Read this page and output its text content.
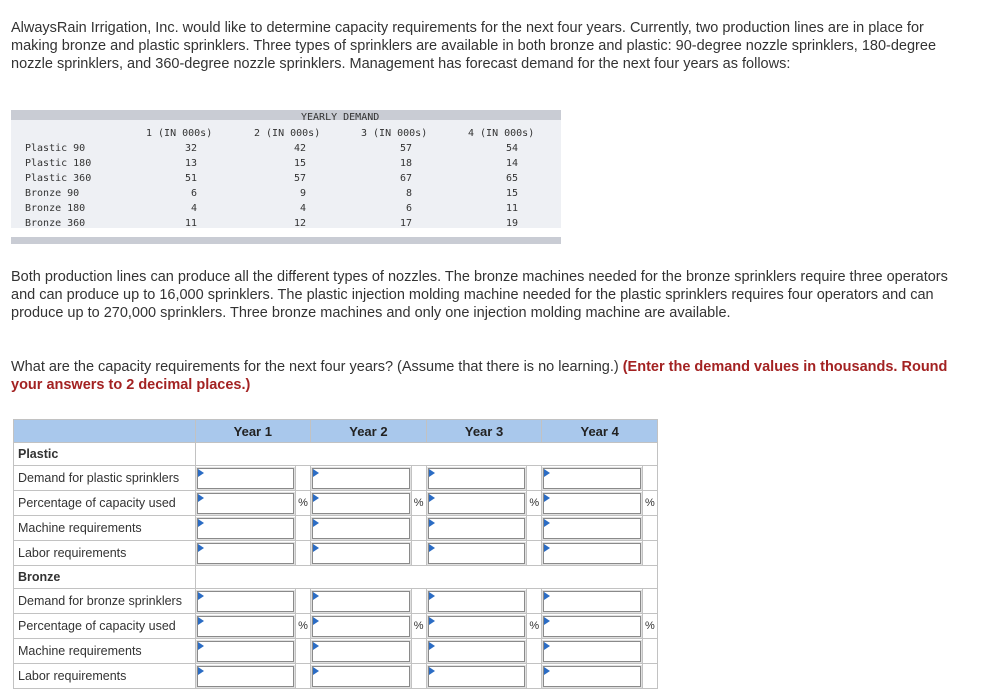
AlwaysRain Irrigation, Inc. would like to determine capacity requirements for the next four years. Currently, two production lines are in place for making bronze and plastic sprinklers. Three types of sprinklers are available in both bronze and plastic: 90-degree nozzle sprinklers, 180-degree nozzle sprinklers, and 360-degree nozzle sprinklers. Management has forecast demand for the next four years as follows:
YEARLY DEMAND
1 (IN 000s)	2 (IN 000s)	3 (IN 000s)	4 (IN 000s)
Plastic 90	32	42	57	54
Plastic 180	13	15	18	14
Plastic 360	51	57	67	65
Bronze 90	6	9	8	15
Bronze 180	4	4	6	11
Bronze 360	11	12	17	19
Both production lines can produce all the different types of nozzles. The bronze machines needed for the bronze sprinklers require three operators and can produce up to 16,000 sprinklers. The plastic injection molding machine needed for the plastic sprinklers requires four operators and can produce up to 270,000 sprinklers. Three bronze machines and only one injection molding machine are available.
What are the capacity requirements for the next four years? (Assume that there is no learning.) (Enter the demand values in thousands. Round your answers to 2 decimal places.)
	Year 1		Year 2		Year 3		Year 4	
Plastic								
Demand for plastic sprinklers	

Percentage of capacity used		%		%		%		%
Machine requirements	

Labor requirements	

Bronze								
Demand for bronze sprinklers	

Percentage of capacity used		%		%		%		%
Machine requirements	

Labor requirements	
